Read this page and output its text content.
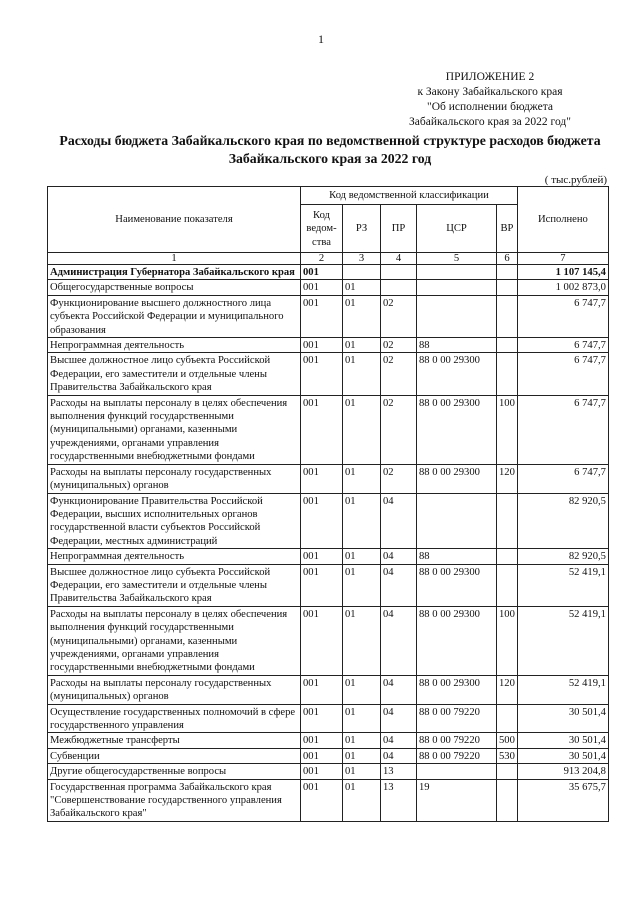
1
ПРИЛОЖЕНИЕ 2
к Закону Забайкальского края
"Об исполнении бюджета
Забайкальского края за 2022 год"
Расходы бюджета Забайкальского края по ведомственной структуре расходов бюджета
Забайкальского края за 2022 год
( тыс.рублей)
Наименование показателя	Код ведомственной классификации					Исполнено
	Код ведом-ства	РЗ	ПР	ЦСР	ВР	
1	2	3	4	5	6	7
Администрация Губернатора Забайкальского края	001					1 107 145,4
Общегосударственные вопросы	001	01				1 002 873,0
Функционирование высшего должностного лица субъекта Российской Федерации и муниципального образования	001	01	02			6 747,7
Непрограммная деятельность	001	01	02	88		6 747,7
Высшее должностное лицо субъекта Российской Федерации, его заместители и отдельные члены Правительства Забайкальского края	001	01	02	88 0 00 29300		6 747,7
Расходы на выплаты персоналу в целях обеспечения выполнения функций государственными (муниципальными) органами, казенными учреждениями, органами управления государственными внебюджетными фондами	001	01	02	88 0 00 29300	100	6 747,7
Расходы на выплаты персоналу государственных (муниципальных) органов	001	01	02	88 0 00 29300	120	6 747,7
Функционирование Правительства Российской Федерации, высших исполнительных органов государственной власти субъектов Российской Федерации, местных администраций	001	01	04			82 920,5
Непрограммная деятельность	001	01	04	88		82 920,5
Высшее должностное лицо субъекта Российской Федерации, его заместители и отдельные члены Правительства Забайкальского края	001	01	04	88 0 00 29300		52 419,1
Расходы на выплаты персоналу в целях обеспечения выполнения функций государственными (муниципальными) органами, казенными учреждениями, органами управления государственными внебюджетными фондами	001	01	04	88 0 00 29300	100	52 419,1
Расходы на выплаты персоналу государственных (муниципальных) органов	001	01	04	88 0 00 29300	120	52 419,1
Осуществление государственных полномочий в сфере государственного управления	001	01	04	88 0 00 79220		30 501,4
Межбюджетные трансферты	001	01	04	88 0 00 79220	500	30 501,4
Субвенции	001	01	04	88 0 00 79220	530	30 501,4
Другие общегосударственные вопросы	001	01	13			913 204,8
Государственная программа Забайкальского края "Совершенствование государственного управления Забайкальского края"	001	01	13	19		35 675,7
